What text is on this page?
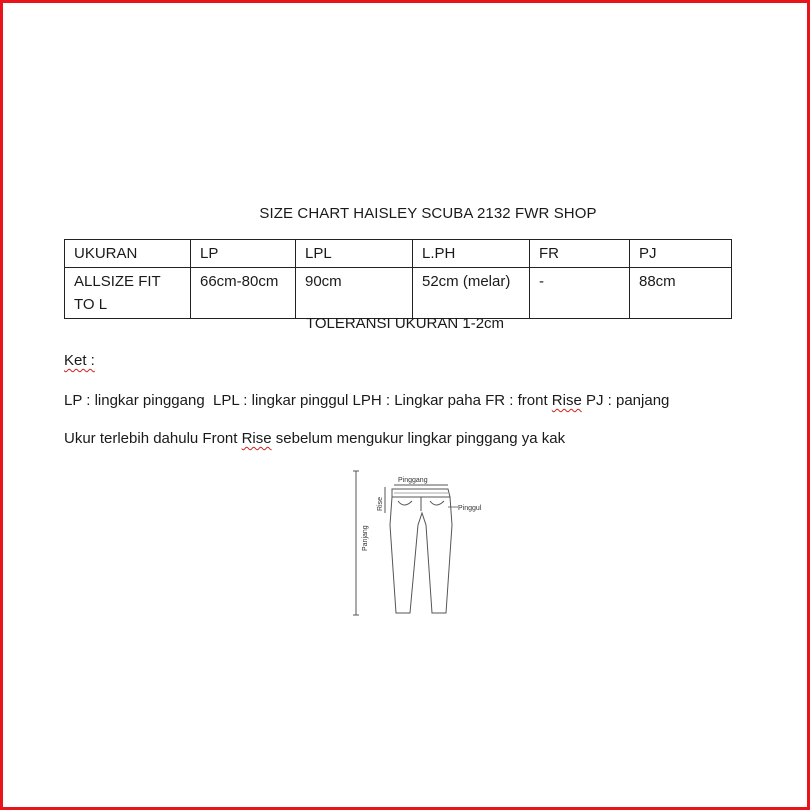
SIZE CHART HAISLEY SCUBA 2132 FWR SHOP
UKURAN	LP	LPL	L.PH	FR	PJ
ALLSIZE FIT TO L	66cm-80cm	90cm	52cm (melar)	-	88cm
TOLERANSI UKURAN 1-2cm
Ket :
LP : lingkar pinggang  LPL : lingkar pinggul LPH : Lingkar paha FR : front Rise PJ : panjang
Ukur terlebih dahulu Front Rise sebelum mengukur lingkar pinggang ya kak
Panjang
Rise
Pinggang
Pinggul
